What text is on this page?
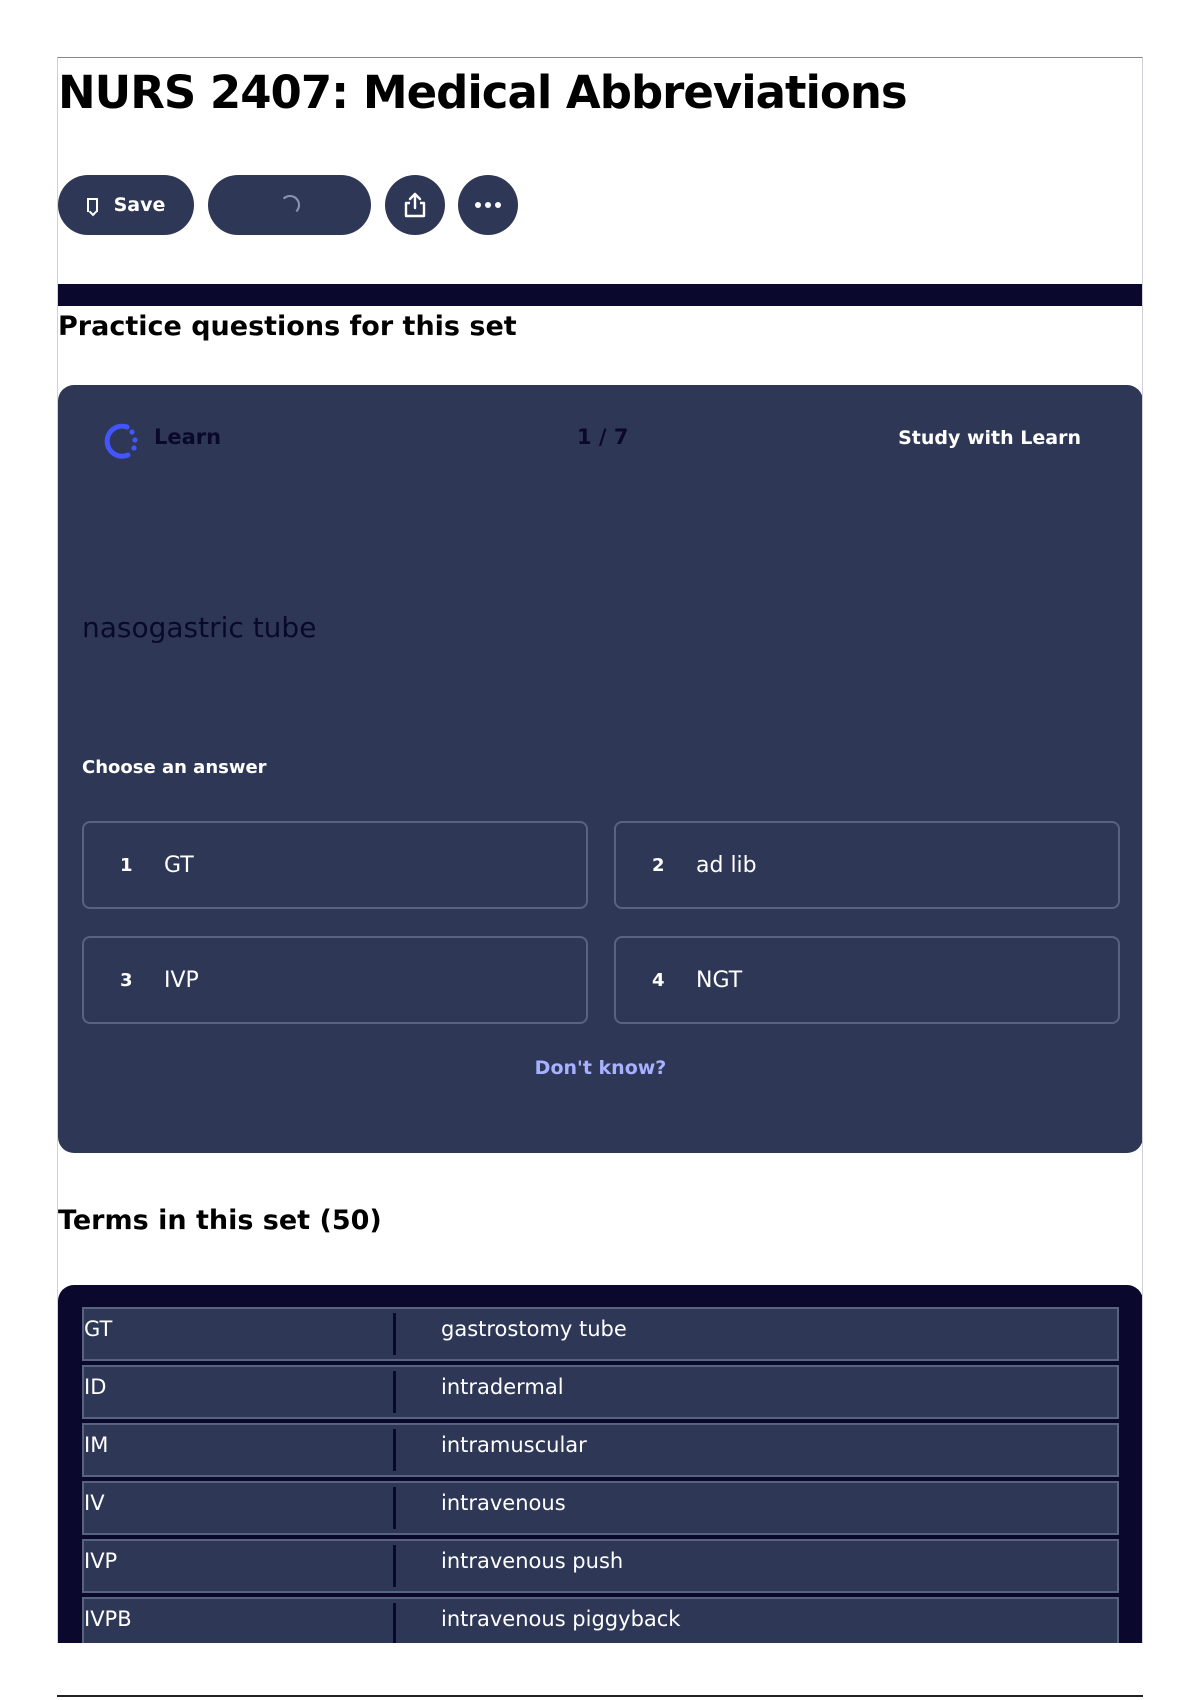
NURS 2407: Medical Abbreviations
Save
Practice questions for this set
Learn	1 / 7	Study with Learn
nasogastric tube
Choose an answer
1	GT	2	ad lib
3	IVP	4	NGT
Don't know?
Terms in this set (50)
GT	gastrostomy tube
ID	intradermal
IM	intramuscular
IV	intravenous
IVP	intravenous push
IVPB	intravenous piggyback
